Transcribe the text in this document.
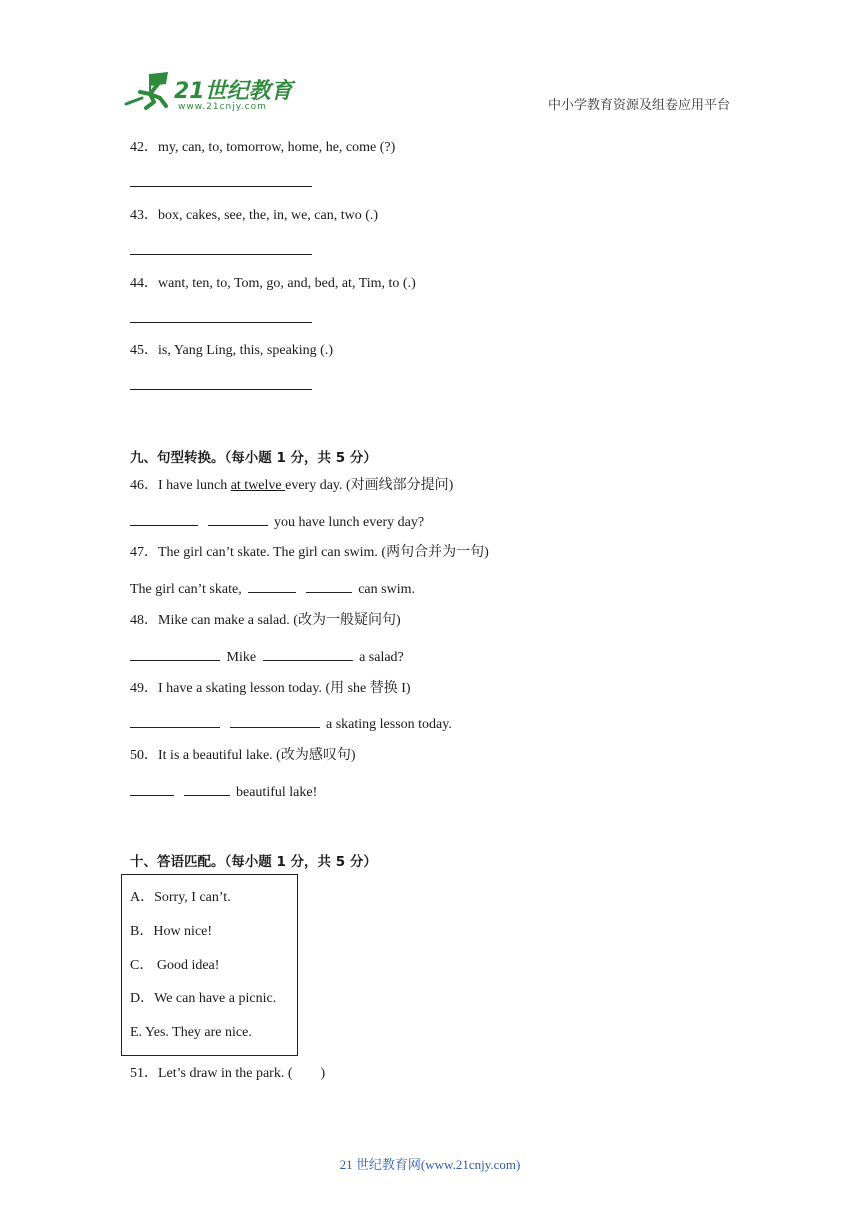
21世纪教育
www.21cnjy.com	中小学教育资源及组卷应用平台
42．my, can, to, tomorrow, home, he, come (?)
43．box, cakes, see, the, in, we, can, two (.)
44．want, ten, to, Tom, go, and, bed, at, Tim, to (.)
45．is, Yang Ling, this, speaking (.)
九、句型转换。（每小题 1 分，共 5 分）
46．I have lunch at twelve every day. (对画线部分提问)
you have lunch every day?
47．The girl can’t skate. The girl can swim. (两句合并为一句)
The girl can’t skate,	can swim.
48．Mike can make a salad. (改为一般疑问句)
Mike	a salad?
49．I have a skating lesson today. (用 she 替换 I)
a skating lesson today.
50．It is a beautiful lake. (改为感叹句)
beautiful lake!
十、答语匹配。（每小题 1 分，共 5 分）
A．Sorry, I can’t.
B．How nice!
C． Good idea!
D．We can have a picnic.
E. Yes. They are nice.
51．Let’s draw in the park. (　　)
21 世纪教育网(www.21cnjy.com)
